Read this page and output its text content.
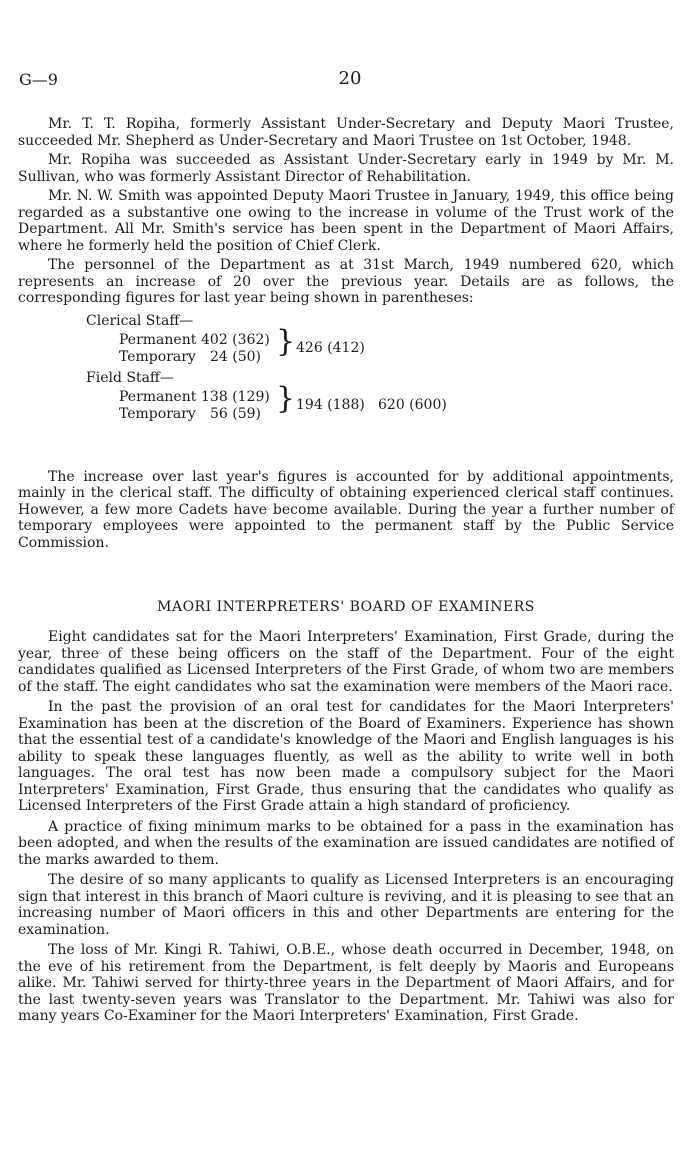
G—9	20

Mr. T. T. Ropiha, formerly Assistant Under-Secretary and Deputy Maori Trustee, succeeded Mr. Shepherd as Under-Secretary and Maori Trustee on 1st October, 1948.

Mr. Ropiha was succeeded as Assistant Under-Secretary early in 1949 by Mr. M. Sullivan, who was formerly Assistant Director of Rehabilitation.

Mr. N. W. Smith was appointed Deputy Maori Trustee in January, 1949, this office being regarded as a substantive one owing to the increase in volume of the Trust work of the Department. All Mr. Smith's service has been spent in the Department of Maori Affairs, where he formerly held the position of Chief Clerk.

The personnel of the Department as at 31st March, 1949 numbered 620, which represents an increase of 20 over the previous year. Details are as follows, the corresponding figures for last year being shown in parentheses:

Clerical Staff—
Permanent 402 (362)
Temporary 24 (50) } 426 (412)
Field Staff—
Permanent 138 (129)
Temporary 56 (59) } 194 (188) 620 (600)

The increase over last year's figures is accounted for by additional appointments, mainly in the clerical staff. The difficulty of obtaining experienced clerical staff continues. However, a few more Cadets have become available. During the year a further number of temporary employees were appointed to the permanent staff by the Public Service Commission.

MAORI INTERPRETERS' BOARD OF EXAMINERS

Eight candidates sat for the Maori Interpreters' Examination, First Grade, during the year, three of these being officers on the staff of the Department. Four of the eight candidates qualified as Licensed Interpreters of the First Grade, of whom two are members of the staff. The eight candidates who sat the examination were members of the Maori race.

In the past the provision of an oral test for candidates for the Maori Interpreters' Examination has been at the discretion of the Board of Examiners. Experience has shown that the essential test of a candidate's knowledge of the Maori and English languages is his ability to speak these languages fluently, as well as the ability to write well in both languages. The oral test has now been made a compulsory subject for the Maori Interpreters' Examination, First Grade, thus ensuring that the candidates who qualify as Licensed Interpreters of the First Grade attain a high standard of proficiency.

A practice of fixing minimum marks to be obtained for a pass in the examination has been adopted, and when the results of the examination are issued candidates are notified of the marks awarded to them.

The desire of so many applicants to qualify as Licensed Interpreters is an encouraging sign that interest in this branch of Maori culture is reviving, and it is pleasing to see that an increasing number of Maori officers in this and other Departments are entering for the examination.

The loss of Mr. Kingi R. Tahiwi, O.B.E., whose death occurred in December, 1948, on the eve of his retirement from the Department, is felt deeply by Maoris and Europeans alike. Mr. Tahiwi served for thirty-three years in the Department of Maori Affairs, and for the last twenty-seven years was Translator to the Department. Mr. Tahiwi was also for many years Co-Examiner for the Maori Interpreters' Examination, First Grade.
